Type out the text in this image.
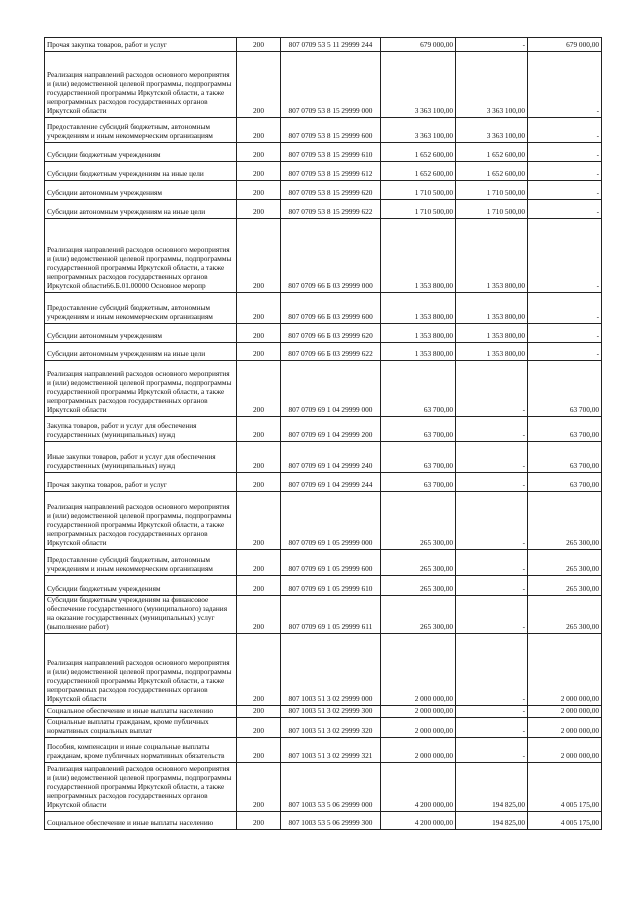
Прочая закупка товаров, работ и услуг	200	807 0709 53 5 11 29999 244	679 000,00	-	679 000,00
Реализация направлений расходов основного мероприятия и (или) ведомственной целевой программы, подпрограммы государственной программы Иркутской области, а также непрограммных расходов государственных органов Иркутской области	200	807 0709 53 8 15 29999 000	3 363 100,00	3 363 100,00	-
Предоставление субсидий бюджетным, автономным учреждениям и иным некоммерческим организациям	200	807 0709 53 8 15 29999 600	3 363 100,00	3 363 100,00	-
Субсидии бюджетным учреждениям	200	807 0709 53 8 15 29999 610	1 652 600,00	1 652 600,00	-
Субсидии бюджетным учреждениям на иные цели	200	807 0709 53 8 15 29999 612	1 652 600,00	1 652 600,00	-
Субсидии автономным учреждениям	200	807 0709 53 8 15 29999 620	1 710 500,00	1 710 500,00	-
Субсидии автономным учреждениям на иные цели	200	807 0709 53 8 15 29999 622	1 710 500,00	1 710 500,00	-
Реализация направлений расходов основного мероприятия и (или) ведомственной целевой программы, подпрограммы государственной программы Иркутской области, а также непрограммных расходов государственных органов Иркутской области66.Б.01.00000 Основное меропр	200	807 0709 66 Б 03 29999 000	1 353 800,00	1 353 800,00	-
Предоставление субсидий бюджетным, автономным учреждениям и иным некоммерческим организациям	200	807 0709 66 Б 03 29999 600	1 353 800,00	1 353 800,00	-
Субсидии автономным учреждениям	200	807 0709 66 Б 03 29999 620	1 353 800,00	1 353 800,00	-
Субсидии автономным учреждениям на иные цели	200	807 0709 66 Б 03 29999 622	1 353 800,00	1 353 800,00	-
Реализация направлений расходов основного мероприятия и (или) ведомственной целевой программы, подпрограммы государственной программы Иркутской области, а также непрограммных расходов государственных органов Иркутской области	200	807 0709 69 1 04 29999 000	63 700,00	-	63 700,00
Закупка товаров, работ и услуг для обеспечения государственных (муниципальных) нужд	200	807 0709 69 1 04 29999 200	63 700,00	-	63 700,00
Иные закупки товаров, работ и услуг для обеспечения государственных (муниципальных) нужд	200	807 0709 69 1 04 29999 240	63 700,00	-	63 700,00
Прочая закупка товаров, работ и услуг	200	807 0709 69 1 04 29999 244	63 700,00	-	63 700,00
Реализация направлений расходов основного мероприятия и (или) ведомственной целевой программы, подпрограммы государственной программы Иркутской области, а также непрограммных расходов государственных органов Иркутской области	200	807 0709 69 1 05 29999 000	265 300,00	-	265 300,00
Предоставление субсидий бюджетным, автономным учреждениям и иным некоммерческим организациям	200	807 0709 69 1 05 29999 600	265 300,00	-	265 300,00
Субсидии бюджетным учреждениям	200	807 0709 69 1 05 29999 610	265 300,00	-	265 300,00
Субсидии бюджетным учреждениям на финансовое обеспечение государственного (муниципального) задания на оказание государственных (муниципальных) услуг (выполнение работ)	200	807 0709 69 1 05 29999 611	265 300,00	-	265 300,00
Реализация направлений расходов основного мероприятия и (или) ведомственной целевой программы, подпрограммы государственной программы Иркутской области, а также непрограммных расходов государственных органов Иркутской области	200	807 1003 51 3 02 29999 000	2 000 000,00	-	2 000 000,00
Социальное обеспечение и иные выплаты населению	200	807 1003 51 3 02 29999 300	2 000 000,00	-	2 000 000,00
Социальные выплаты гражданам, кроме публичных нормативных социальных выплат	200	807 1003 51 3 02 29999 320	2 000 000,00	-	2 000 000,00
Пособия, компенсации и иные социальные выплаты гражданам, кроме публичных нормативных обязательств	200	807 1003 51 3 02 29999 321	2 000 000,00	-	2 000 000,00
Реализация направлений расходов основного мероприятия и (или) ведомственной целевой программы, подпрограммы государственной программы Иркутской области, а также непрограммных расходов государственных органов Иркутской области	200	807 1003 53 5 06 29999 000	4 200 000,00	194 825,00	4 005 175,00
Социальное обеспечение и иные выплаты населению	200	807 1003 53 5 06 29999 300	4 200 000,00	194 825,00	4 005 175,00
